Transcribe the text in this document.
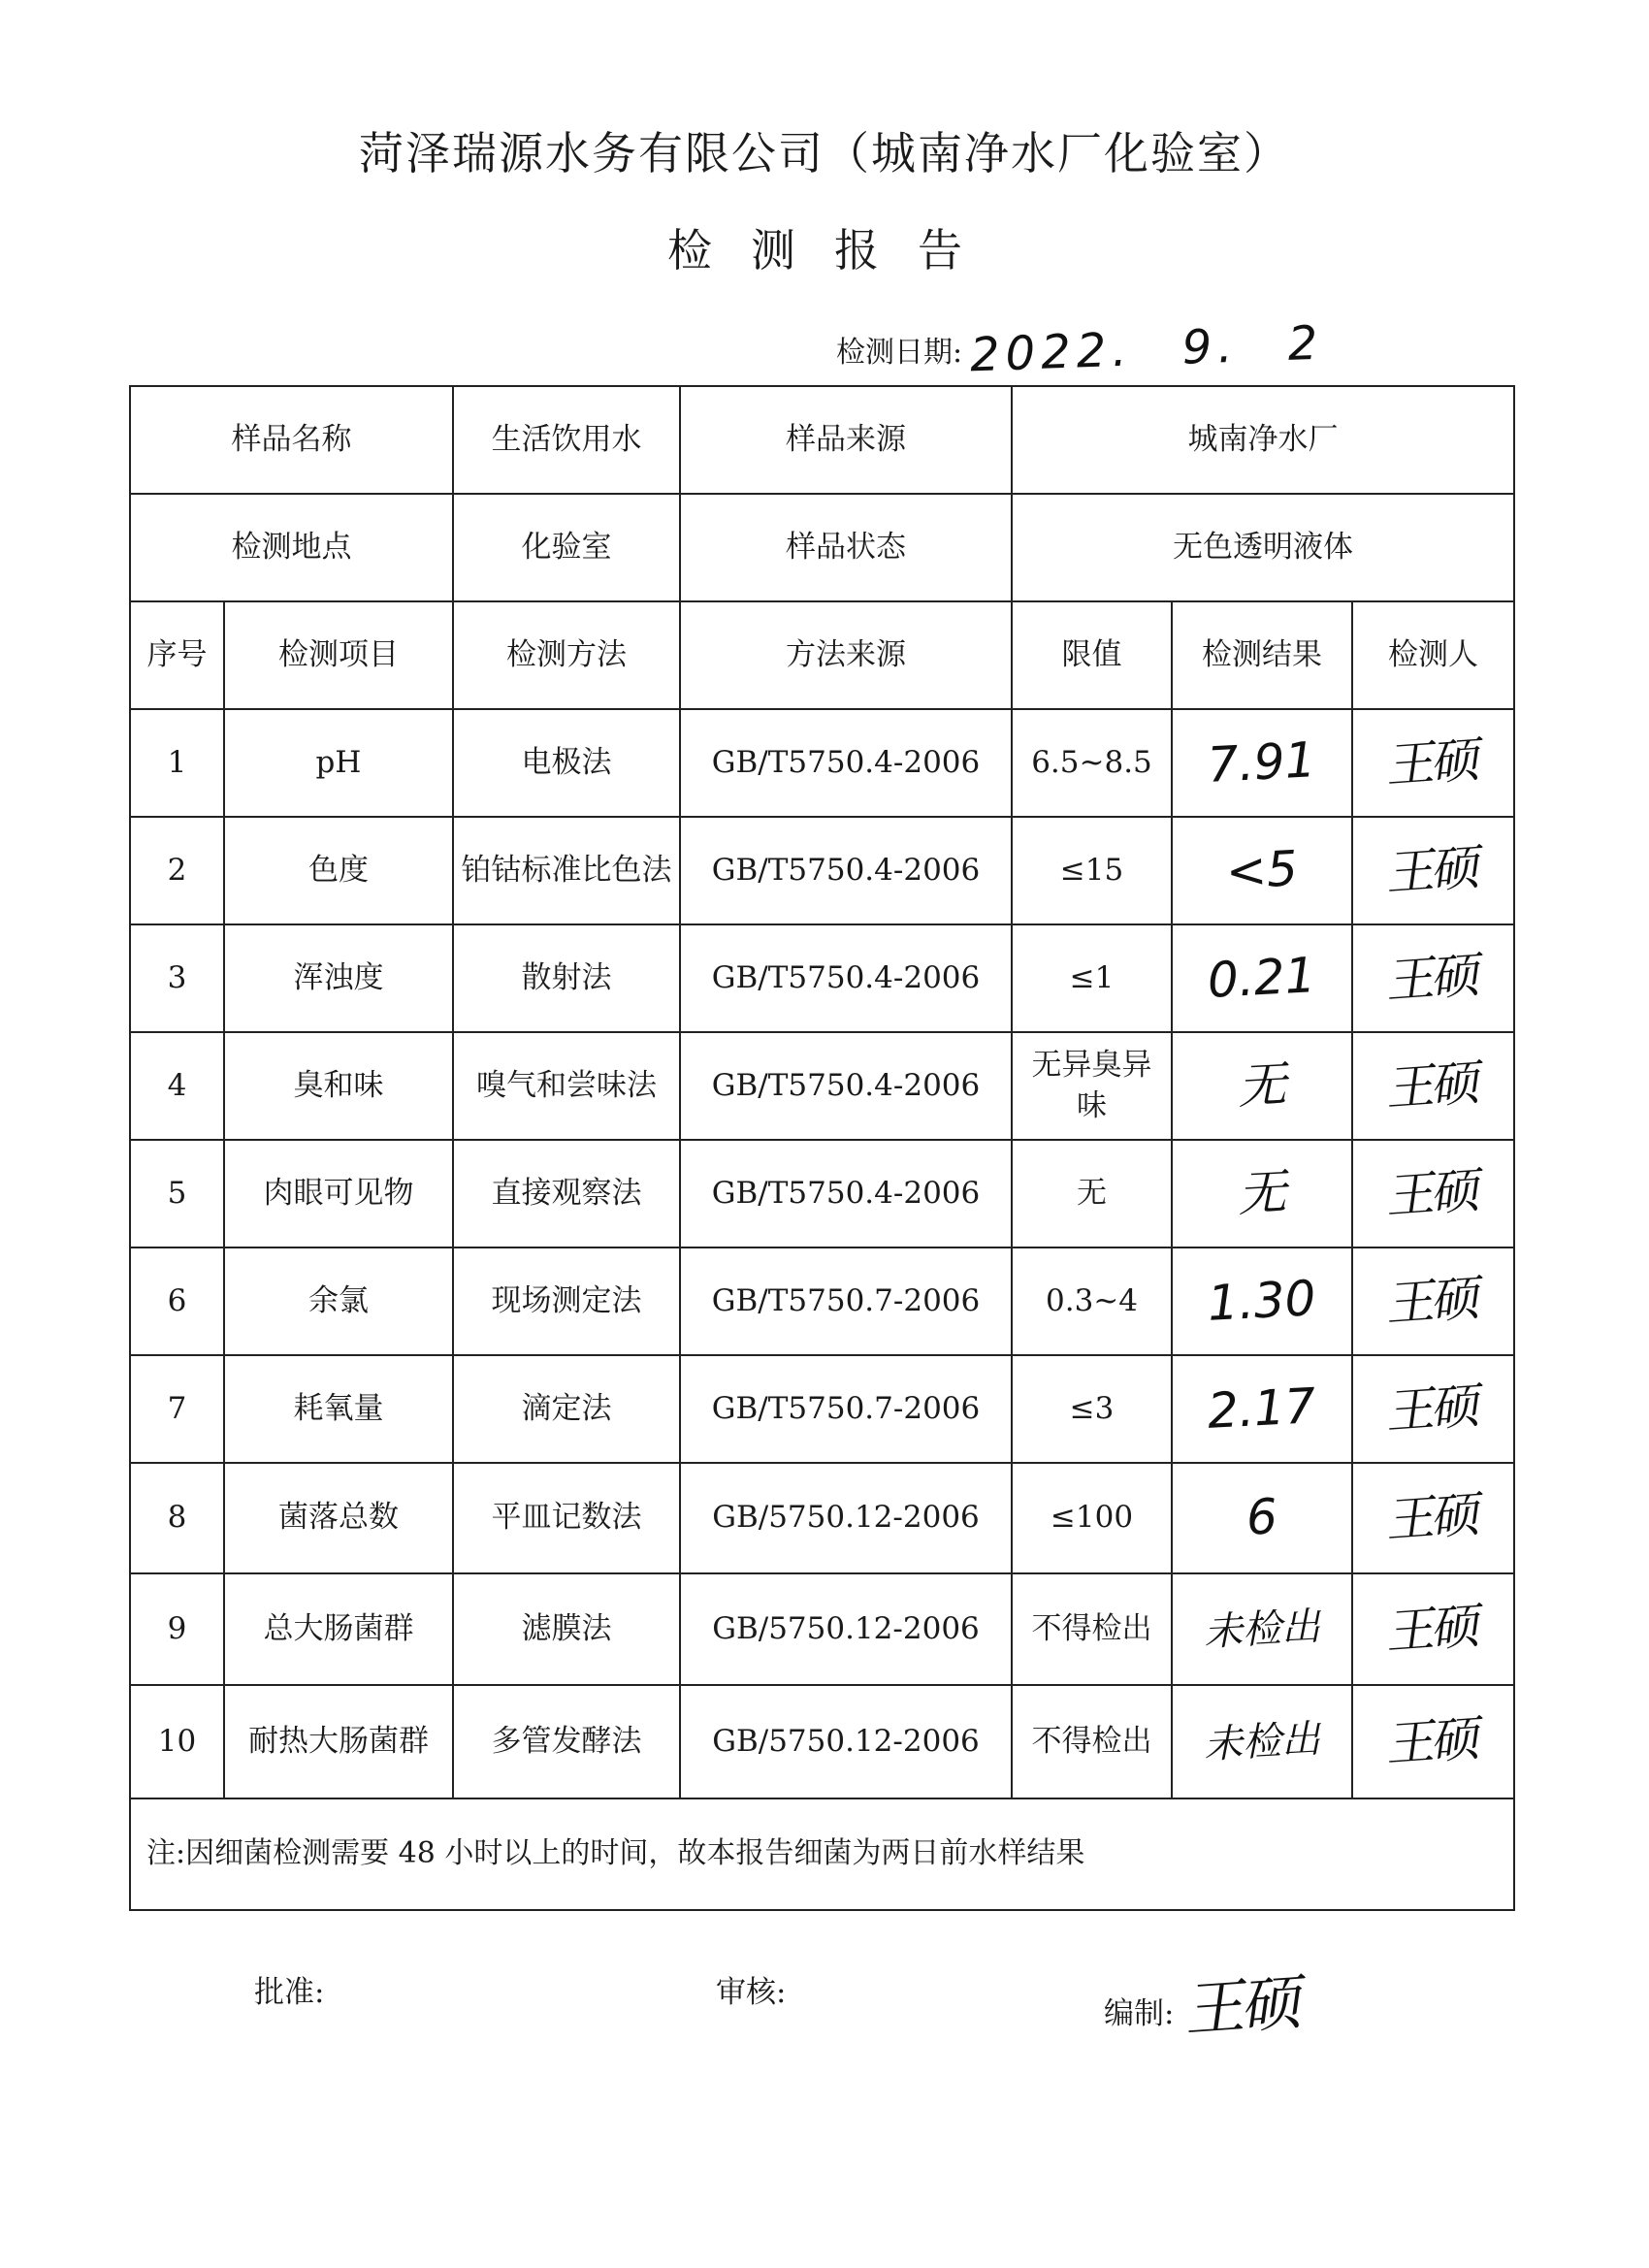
菏泽瑞源水务有限公司（城南净水厂化验室）
检测报告
检测日期: 2022. 9. 2
样品名称		生活饮用水	样品来源	城南净水厂		
检测地点		化验室	样品状态	无色透明液体		
序号	检测项目	检测方法	方法来源	限值	检测结果	检测人
1	pH	电极法	GB/T5750.4-2006	6.5~8.5	7.91	王硕
2	色度	铂钴标准比色法	GB/T5750.4-2006	≤15	<5	王硕
3	浑浊度	散射法	GB/T5750.4-2006	≤1	0.21	王硕
4	臭和味	嗅气和尝味法	GB/T5750.4-2006	无异臭异味	无	王硕
5	肉眼可见物	直接观察法	GB/T5750.4-2006	无	无	王硕
6	余氯	现场测定法	GB/T5750.7-2006	0.3~4	1.30	王硕
7	耗氧量	滴定法	GB/T5750.7-2006	≤3	2.17	王硕
8	菌落总数	平皿记数法	GB/5750.12-2006	≤100	6	王硕
9	总大肠菌群	滤膜法	GB/5750.12-2006	不得检出	未检出	王硕
10	耐热大肠菌群	多管发酵法	GB/5750.12-2006	不得检出	未检出	王硕
注:因细菌检测需要 48 小时以上的时间，故本报告细菌为两日前水样结果						
批准:	审核:
编制: 王硕
